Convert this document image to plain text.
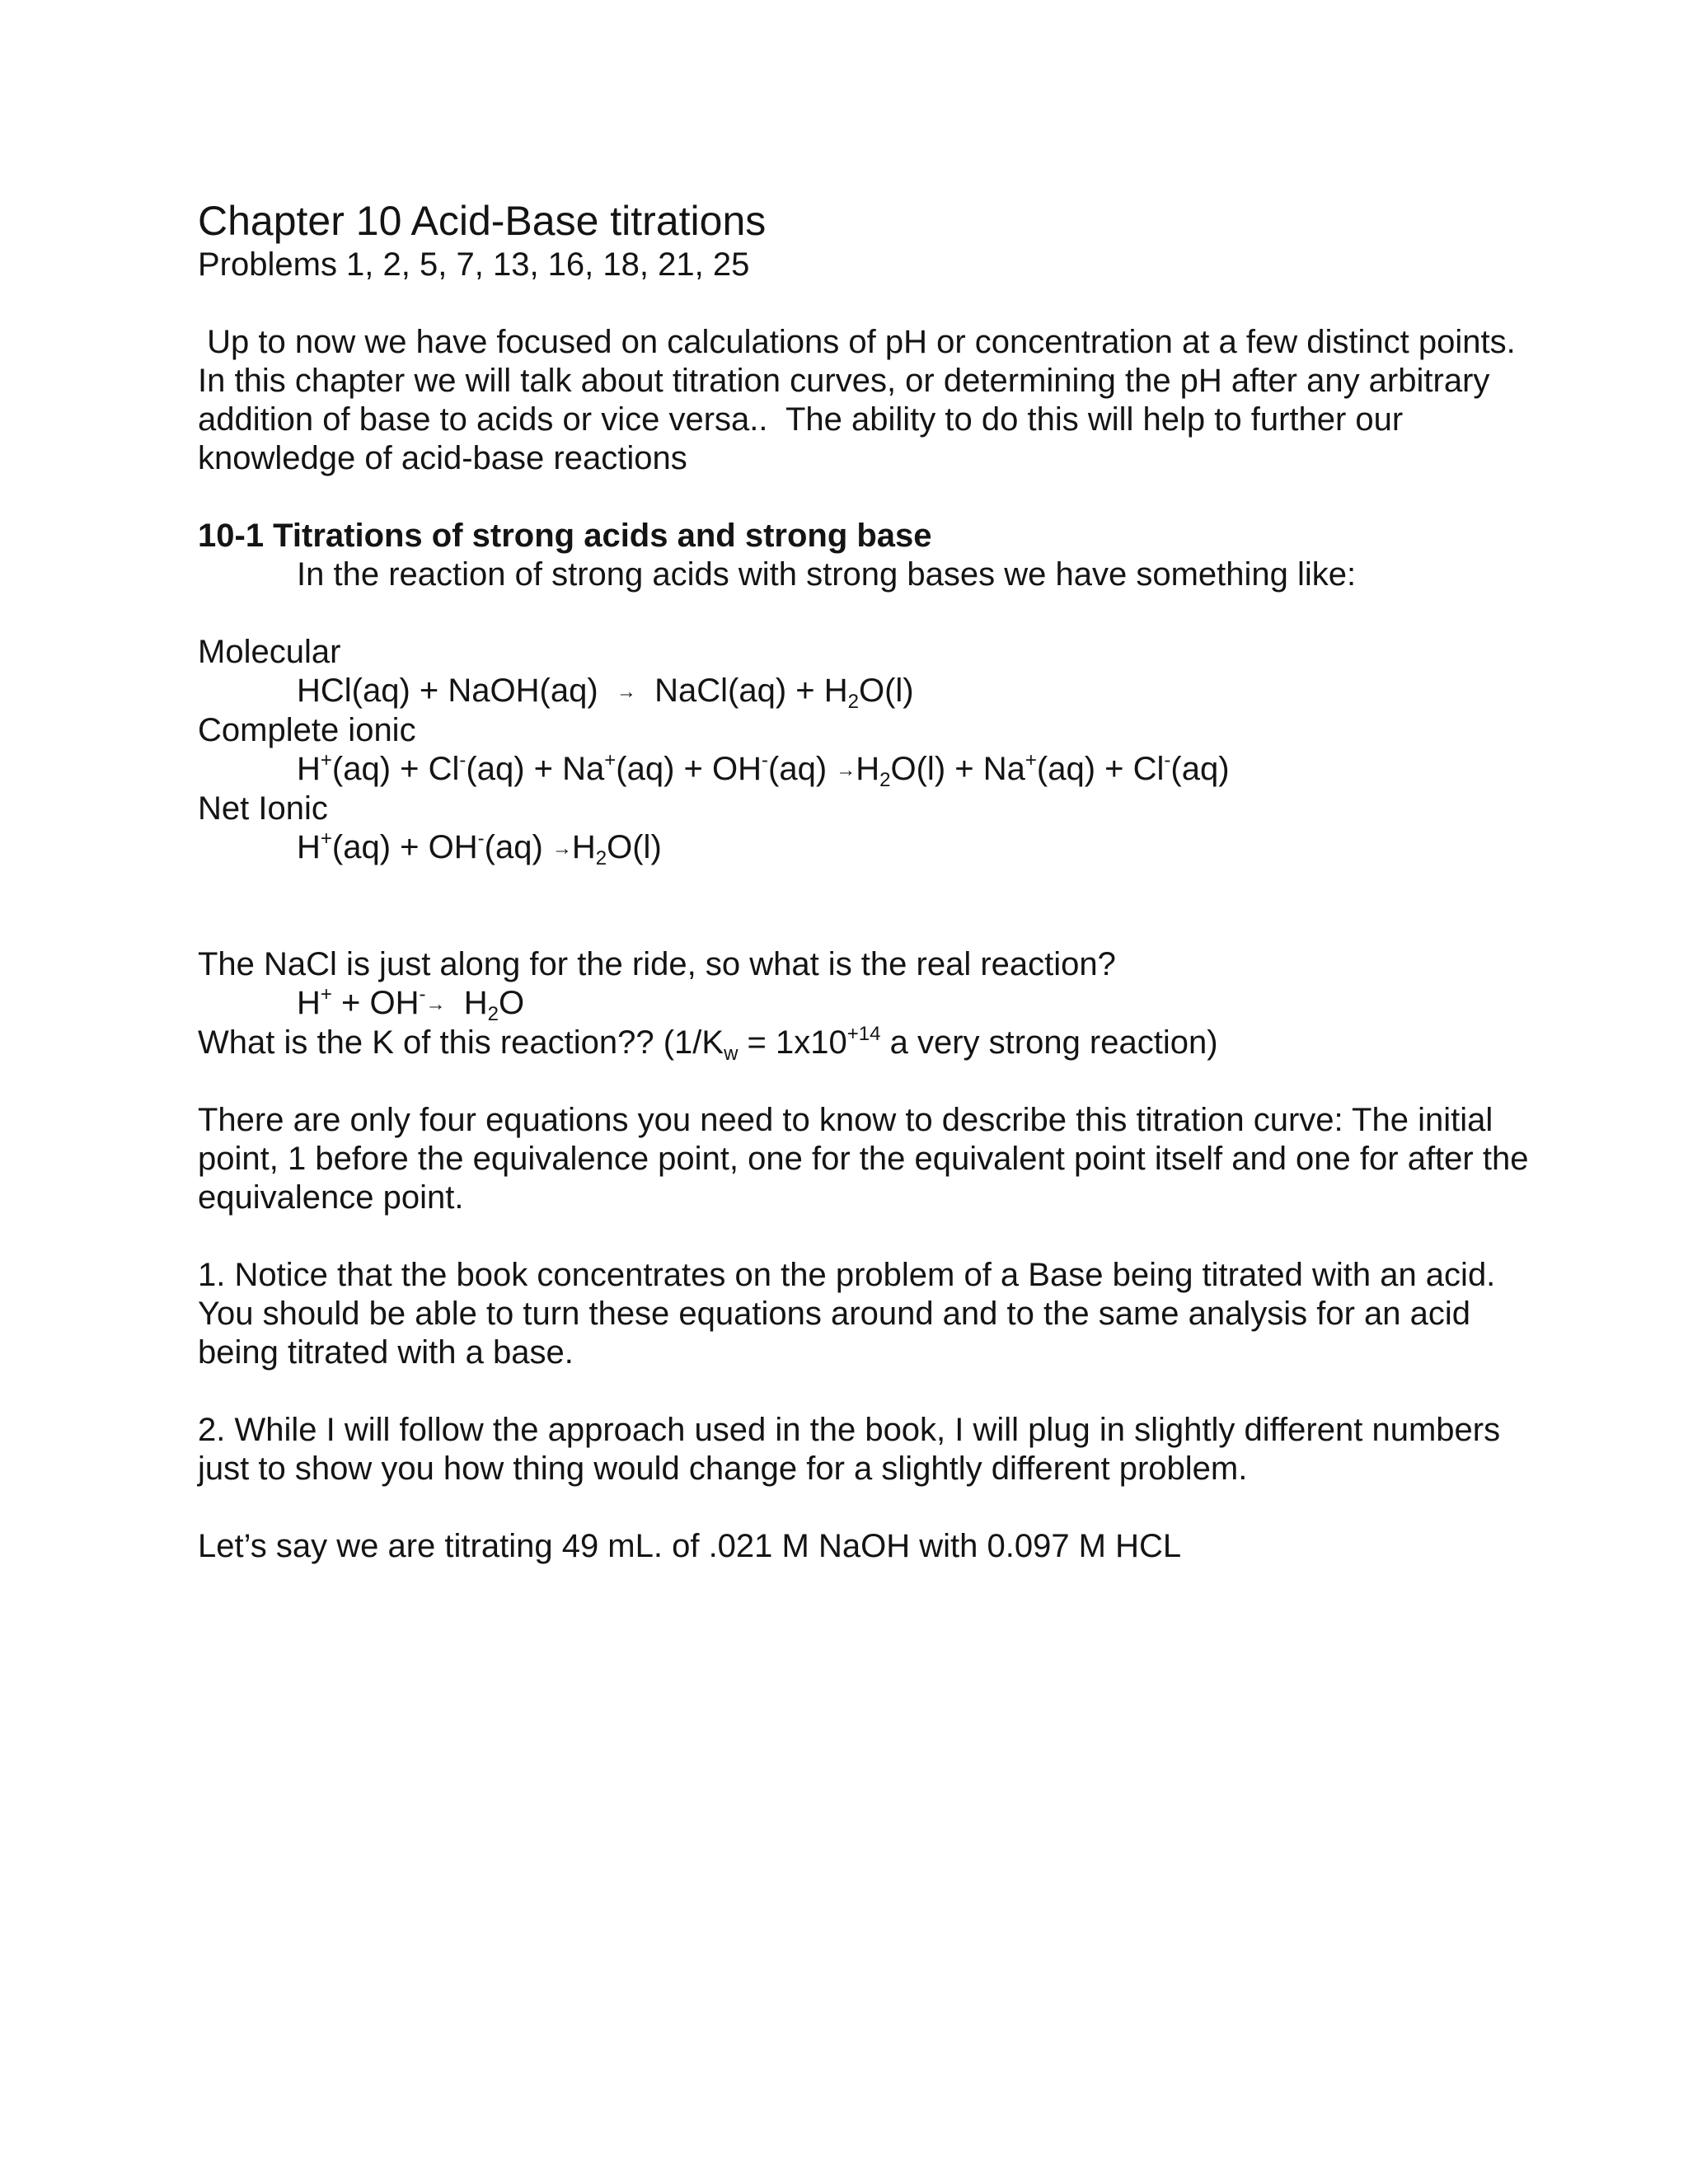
Chapter 10 Acid-Base titrations

Problems 1, 2, 5, 7, 13, 16, 18, 21, 25

Up to now we have focused on calculations of pH or concentration at a few distinct points.  In this chapter we will talk about titration curves, or determining the pH after any arbitrary addition of base to acids or vice versa..  The ability to do this will help to further our knowledge of acid-base reactions

10-1 Titrations of strong acids and strong base

In the reaction of strong acids with strong bases we have something like:

Molecular

HCl(aq) + NaOH(aq)  →  NaCl(aq) + $H_2O(l)$

Complete ionic

$H^+(aq) + Cl^-(aq) + Na^+(aq) + OH^-(aq) \to H_2O(l) + Na^+(aq) + Cl^-(aq)$

Net Ionic

$H^+(aq) + OH^-(aq) \to H_2O(l)$

The NaCl is just along for the ride, so what is the real reaction?

$H^+ + OH^-\to H_2O$

What is the K of this reaction?? ($1/K_w = 1x10^{+14}$ a very strong reaction)

There are only four equations you need to know to describe this titration curve: The initial point, 1 before the equivalence point, one for the equivalent point itself and one for after the equivalence point.

1. Notice that the book concentrates on the problem of a Base being titrated with an acid. You should be able to turn these equations around and to the same analysis for an acid being titrated with a base.

2. While I will follow the approach used in the book, I will plug in slightly different numbers just to show you how thing would change for a slightly different problem.

Let’s say we are titrating 49 mL. of .021 M NaOH with 0.097 M HCL
